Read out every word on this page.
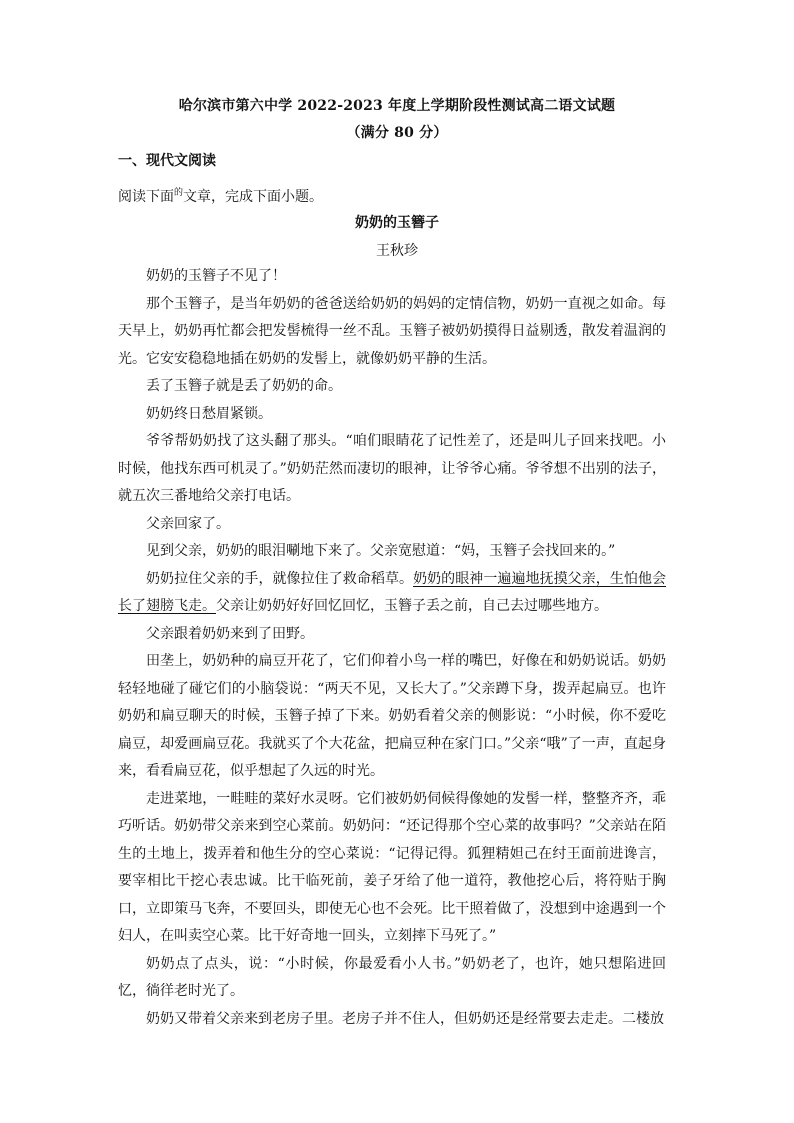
哈尔滨市第六中学 2022-2023 年度上学期阶段性测试高二语文试题
（满分 80 分）
一、现代文阅读
阅读下面$^的$文章，完成下面小题。
奶奶的玉簪子
王秋珍

奶奶的玉簪子不见了！

那个玉簪子，是当年奶奶的爸爸送给奶奶的妈妈的定情信物，奶奶一直视之如命。每天早上，奶奶再忙都会把发髻梳得一丝不乱。玉簪子被奶奶摸得日益剔透，散发着温润的光。它安安稳稳地插在奶奶的发髻上，就像奶奶平静的生活。

丢了玉簪子就是丢了奶奶的命。

奶奶终日愁眉紧锁。

爷爷帮奶奶找了这头翻了那头。“咱们眼睛花了记性差了，还是叫儿子回来找吧。小时候，他找东西可机灵了。”奶奶茫然而凄切的眼神，让爷爷心痛。爷爷想不出别的法子，就五次三番地给父亲打电话。

父亲回家了。

见到父亲，奶奶的眼泪唰地下来了。父亲宽慰道：“妈，玉簪子会找回来的。”

奶奶拉住父亲的手，就像拉住了救命稻草。奶奶的眼神一遍遍地抚摸父亲，生怕他会长了翅膀飞走。父亲让奶奶好好回忆回忆，玉簪子丢之前，自己去过哪些地方。

父亲跟着奶奶来到了田野。

田垄上，奶奶种的扁豆开花了，它们仰着小鸟一样的嘴巴，好像在和奶奶说话。奶奶轻轻地碰了碰它们的小脑袋说：“两天不见，又长大了。”父亲蹲下身，拨弄起扁豆。也许奶奶和扁豆聊天的时候，玉簪子掉了下来。奶奶看着父亲的侧影说：“小时候，你不爱吃扁豆，却爱画扁豆花。我就买了个大花盆，把扁豆种在家门口。”父亲“哦”了一声，直起身来，看看扁豆花，似乎想起了久远的时光。

走进菜地，一畦畦的菜好水灵呀。它们被奶奶伺候得像她的发髻一样，整整齐齐，乖巧听话。奶奶带父亲来到空心菜前。奶奶问：“还记得那个空心菜的故事吗？”父亲站在陌生的土地上，拨弄着和他生分的空心菜说：“记得记得。狐狸精妲己在纣王面前进谗言，要宰相比干挖心表忠诚。比干临死前，姜子牙给了他一道符，教他挖心后，将符贴于胸口，立即策马飞奔，不要回头，即使无心也不会死。比干照着做了，没想到中途遇到一个妇人，在叫卖空心菜。比干好奇地一回头，立刻摔下马死了。”

奶奶点了点头，说：“小时候，你最爱看小人书。”奶奶老了，也许，她只想陷进回忆，徜徉老时光了。

奶奶又带着父亲来到老房子里。老房子并不住人，但奶奶还是经常要去走走。二楼放
